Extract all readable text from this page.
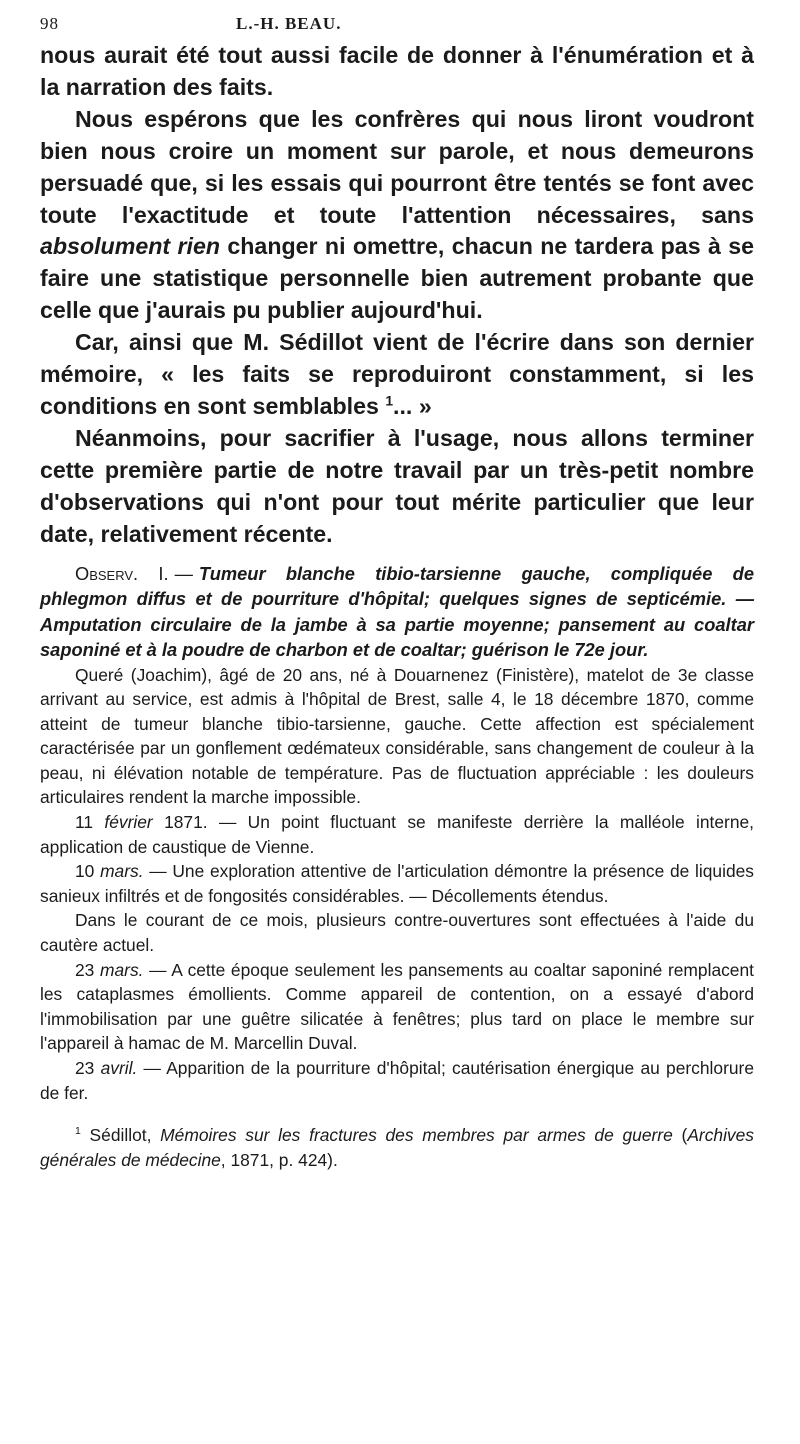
98	L.-H. BEAU.

nous aurait été tout aussi facile de donner à l'énumération et à la narration des faits.

Nous espérons que les confrères qui nous liront voudront bien nous croire un moment sur parole, et nous demeurons persuadé que, si les essais qui pourront être tentés se font avec toute l'exactitude et toute l'attention nécessaires, sans absolument rien changer ni omettre, chacun ne tardera pas à se faire une statistique personnelle bien autrement probante que celle que j'aurais pu publier aujourd'hui.

Car, ainsi que M. Sédillot vient de l'écrire dans son dernier mémoire, « les faits se reproduiront constamment, si les conditions en sont semblables $^1$... »

Néanmoins, pour sacrifier à l'usage, nous allons terminer cette première partie de notre travail par un très-petit nombre d'observations qui n'ont pour tout mérite particulier que leur date, relativement récente.

Observ. I. — Tumeur blanche tibio-tarsienne gauche, compliquée de phlegmon diffus et de pourriture d'hôpital; quelques signes de septicémie. — Amputation circulaire de la jambe à sa partie moyenne; pansement au coaltar saponiné et à la poudre de charbon et de coaltar; guérison le 72e jour.

Queré (Joachim), âgé de 20 ans, né à Douarnenez (Finistère), matelot de 3e classe arrivant au service, est admis à l'hôpital de Brest, salle 4, le 18 décembre 1870, comme atteint de tumeur blanche tibio-tarsienne, gauche. Cette affection est spécialement caractérisée par un gonflement œdémateux considérable, sans changement de couleur à la peau, ni élévation notable de température. Pas de fluctuation appréciable : les douleurs articulaires rendent la marche impossible.

11 février 1871. — Un point fluctuant se manifeste derrière la malléole interne, application de caustique de Vienne.

10 mars. — Une exploration attentive de l'articulation démontre la présence de liquides sanieux infiltrés et de fongosités considérables. — Décollements étendus.

Dans le courant de ce mois, plusieurs contre-ouvertures sont effectuées à l'aide du cautère actuel.

23 mars. — A cette époque seulement les pansements au coaltar saponiné remplacent les cataplasmes émollients. Comme appareil de contention, on a essayé d'abord l'immobilisation par une guêtre silicatée à fenêtres; plus tard on place le membre sur l'appareil à hamac de M. Marcellin Duval.

23 avril. — Apparition de la pourriture d'hôpital; cautérisation énergique au perchlorure de fer.

$^1$ Sédillot, Mémoires sur les fractures des membres par armes de guerre (Archives générales de médecine, 1871, p. 424).
